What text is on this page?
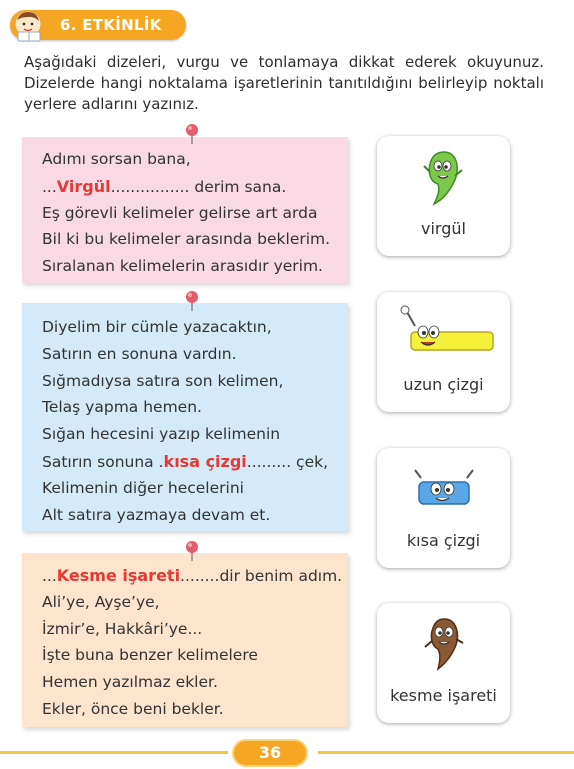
6. ETKİNLİK
Aşağıdaki dizeleri, vurgu ve tonlamaya dikkat ederek okuyunuz. Dizelerde hangi noktalama işaretlerinin tanıtıldığını belirleyip noktalı yerlere adlarını yazınız.
Adımı sorsan bana,
...Virgül................ derim sana.
Eş görevli kelimeler gelirse art arda
Bil ki bu kelimeler arasında beklerim.
Sıralanan kelimelerin arasıdır yerim.
Diyelim bir cümle yazacaktın,
Satırın en sonuna vardın.
Sığmadıysa satıra son kelimen,
Telaş yapma hemen.
Sığan hecesini yazıp kelimenin
Satırın sonuna .kısa çizgi......... çek,
Kelimenin diğer hecelerini
Alt satıra yazmaya devam et.
...Kesme işareti........dir benim adım.
Ali’ye, Ayşe’ye,
İzmir’e, Hakkâri’ye...
İşte buna benzer kelimelere
Hemen yazılmaz ekler.
Ekler, önce beni bekler.
virgül
uzun çizgi
kısa çizgi
kesme işareti
36
